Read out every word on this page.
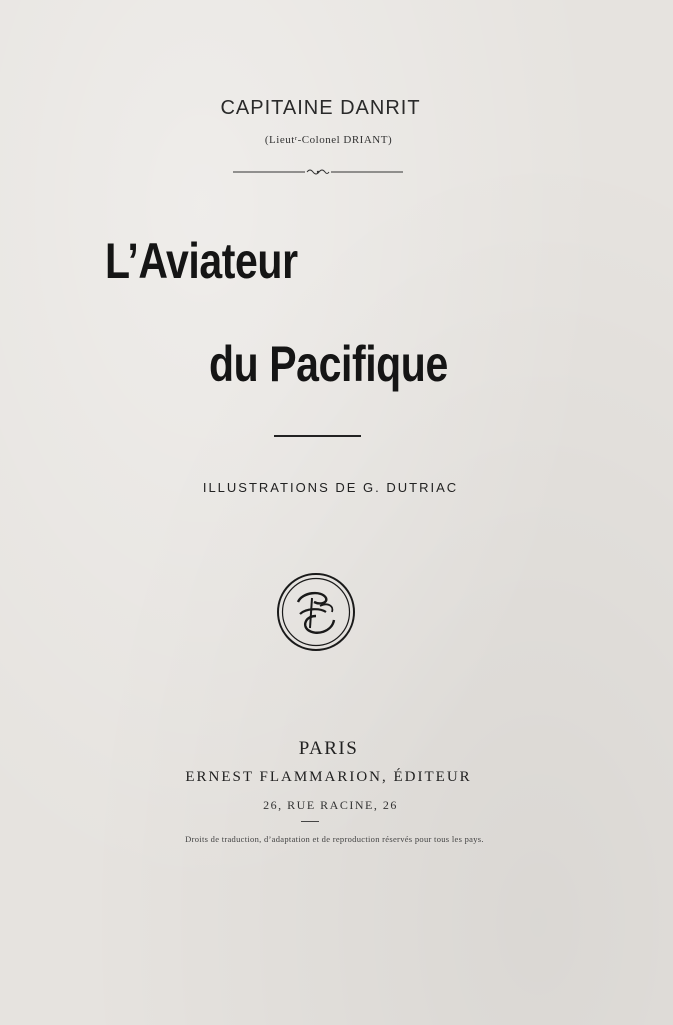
CAPITAINE DANRIT
(Lieutʳ-Colonel DRIANT)
L’Aviateur
du Pacifique
ILLUSTRATIONS DE G. DUTRIAC
PARIS
ERNEST FLAMMARION, ÉDITEUR
26, RUE RACINE, 26
Droits de traduction, d’adaptation et de reproduction réservés pour tous les pays.
